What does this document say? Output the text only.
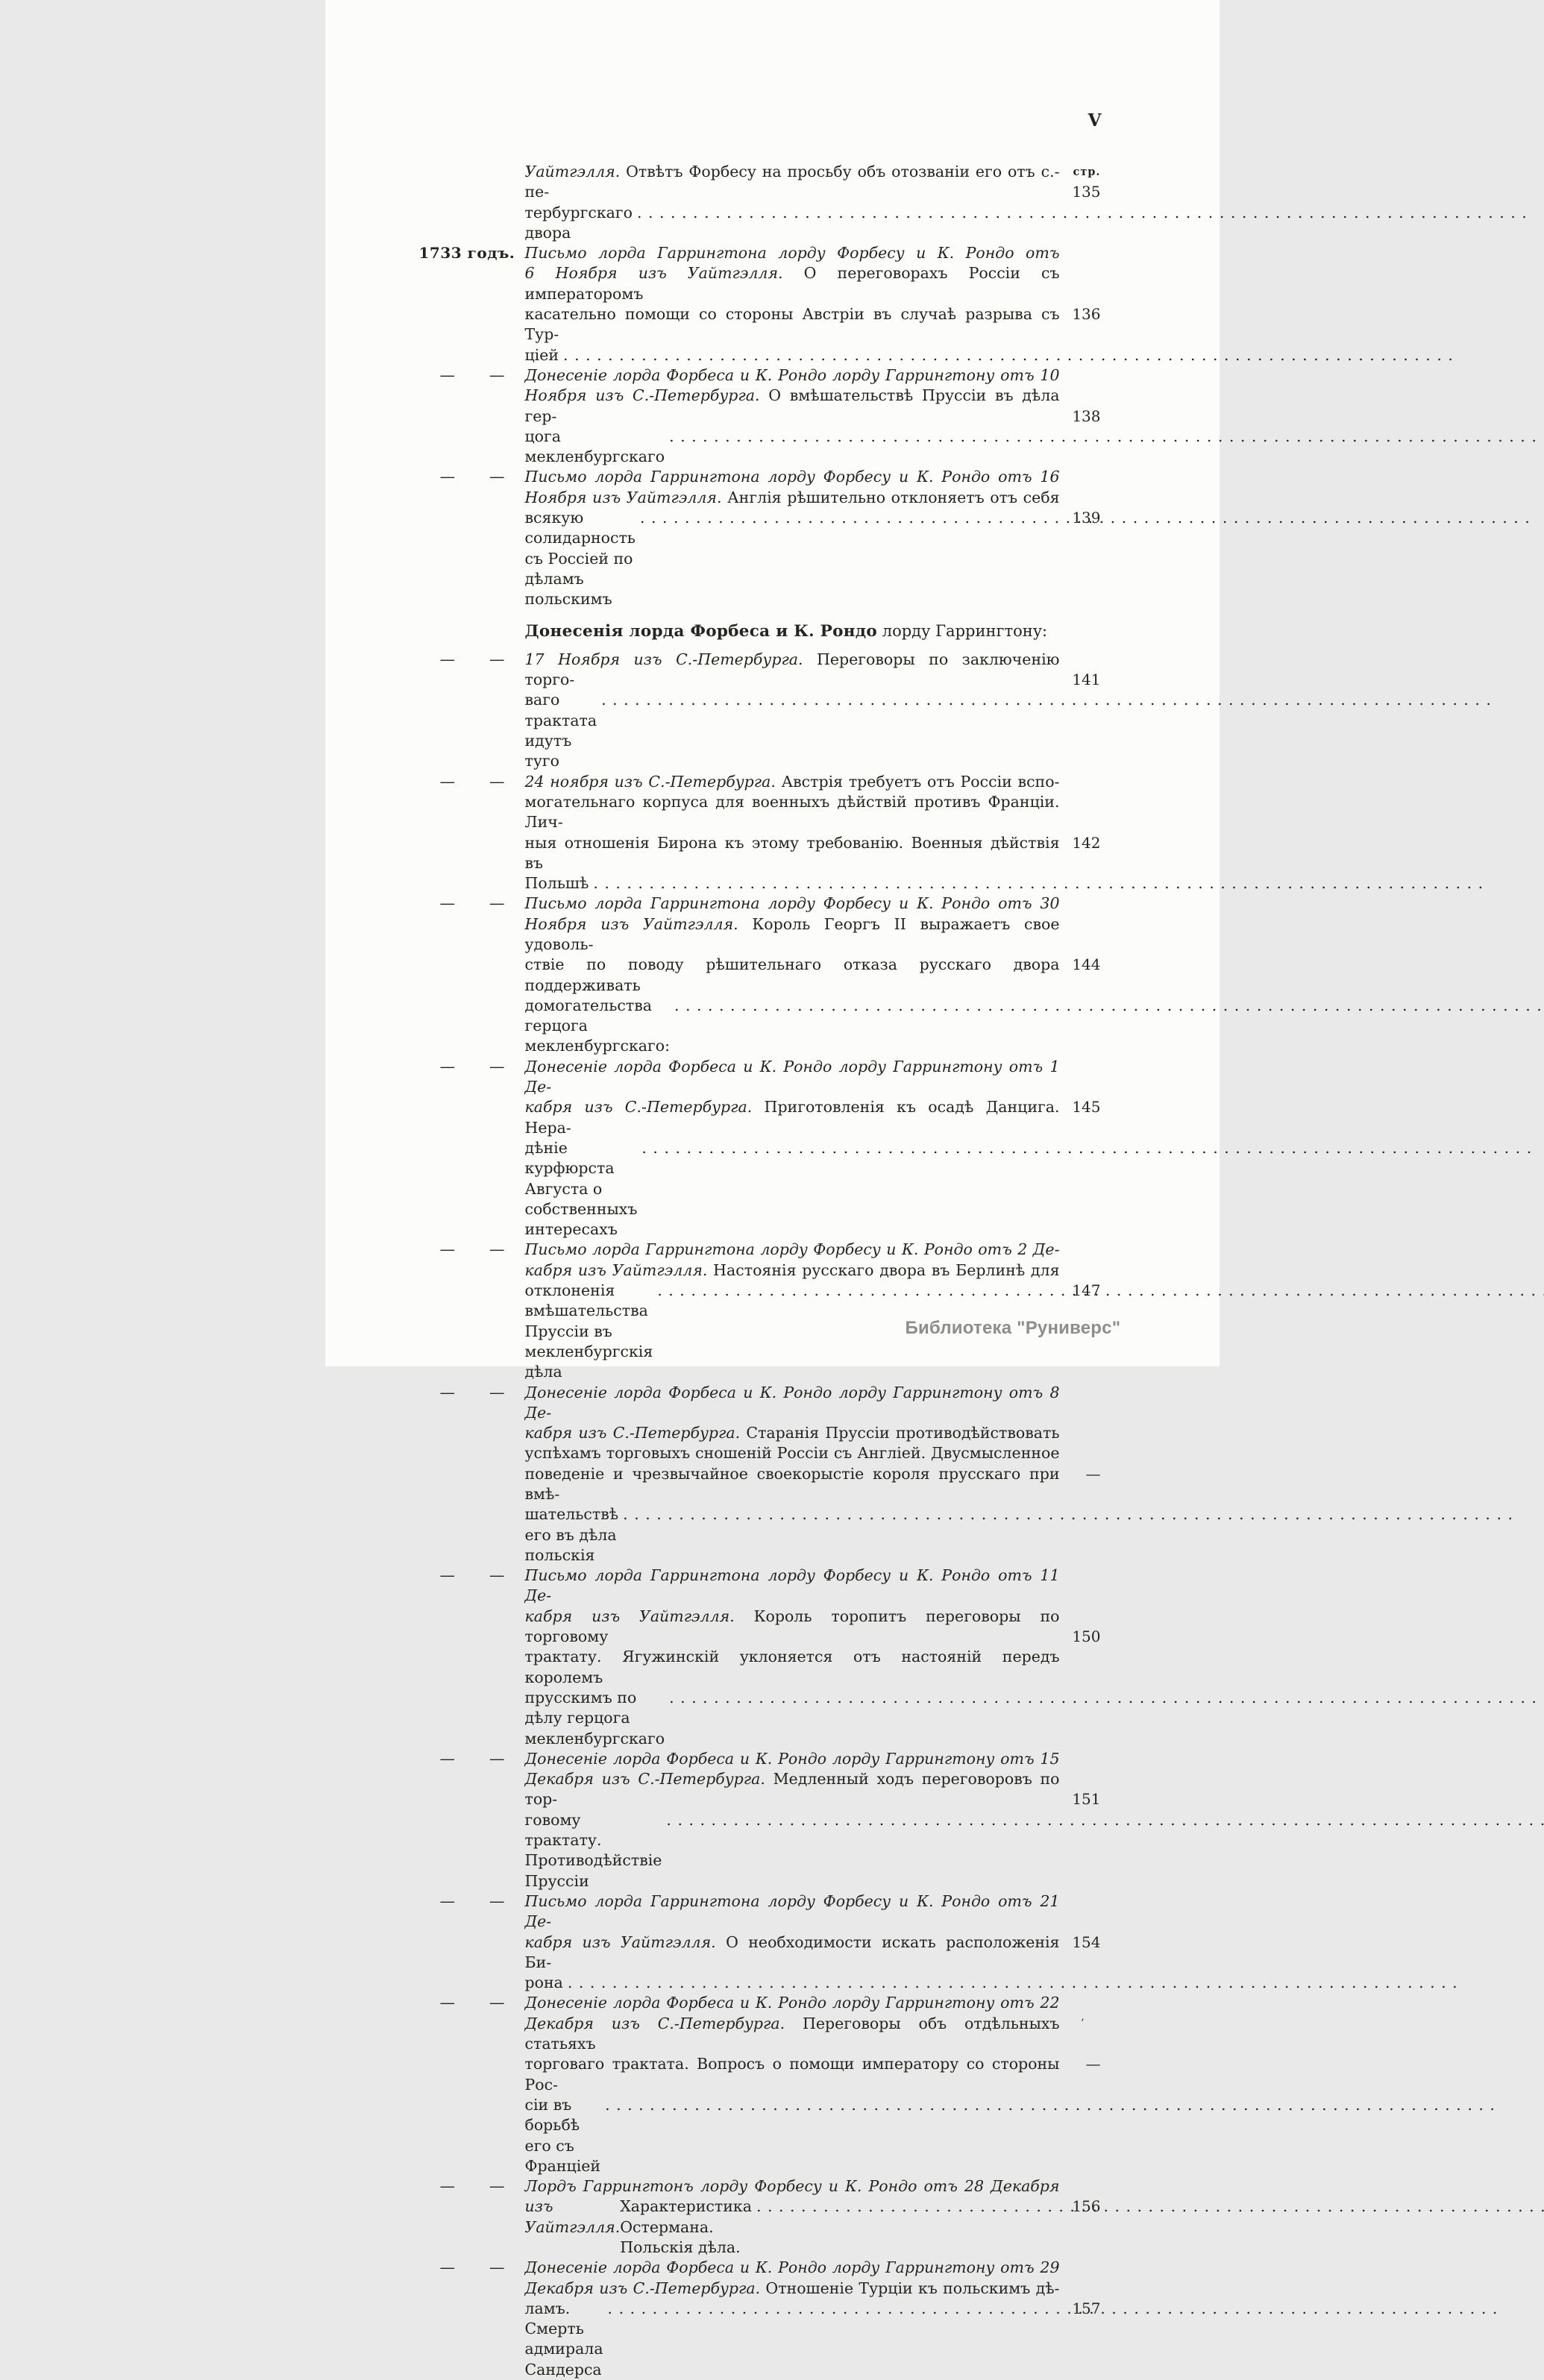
V
Уайтгэлля. Отвѣтъ Форбесу на просьбу объ отозваніи его отъ с.-пе-
тербургскаго двора
.....
стр.
135
1733 годъ. Письмо лорда Гаррингтона лорду Форбесу и К. Рондо отъ
6 Ноября изъ Уайтгэлля. О переговорахъ Россіи съ императоромъ
касательно помощи со стороны Австріи въ случаѣ разрыва съ Тур-
ціей
.....
136
— — Донесеніе лорда Форбеса и К. Рондо лорду Гаррингтону отъ 10
Ноября изъ С.-Петербурга. О вмѣшательствѣ Пруссіи въ дѣла гер-
цога мекленбургскаго
.....
138
— — Письмо лорда Гаррингтона лорду Форбесу и К. Рондо отъ 16
Ноября изъ Уайтгэлля. Англія рѣшительно отклоняетъ отъ себя
всякую солидарность съ Россіей по дѣламъ польскимъ
.....
139
Донесенія лорда Форбеса и К. Рондо лорду Гаррингтону:
— — 17 Ноября изъ С.-Петербурга. Переговоры по заключенію торго-
ваго трактата идутъ туго
.....
141
— — 24 ноября изъ С.-Петербурга. Австрія требуетъ отъ Россіи вспо-
могательнаго корпуса для военныхъ дѣйствій противъ Франціи. Лич-
ныя отношенія Бирона къ этому требованію. Военныя дѣйствія въ
Польшѣ
.....
142
— — Письмо лорда Гаррингтона лорду Форбесу и К. Рондо отъ 30
Ноября изъ Уайтгэлля. Король Георгъ II выражаетъ свое удоволь-
ствіе по поводу рѣшительнаго отказа русскаго двора поддерживать
домогательства герцога мекленбургскаго:
.....
144
— — Донесеніе лорда Форбеса и К. Рондо лорду Гаррингтону отъ 1 Де-
кабря изъ С.-Петербурга. Приготовленія къ осадѣ Данцига. Нера-
дѣніе курфюрста Августа о собственныхъ интересахъ
.....
145
— — Письмо лорда Гаррингтона лорду Форбесу и К. Рондо отъ 2 Де-
кабря изъ Уайтгэлля. Настоянія русскаго двора въ Берлинѣ для
отклоненія вмѣшательства Пруссіи въ мекленбургскія дѣла
.....
147
— — Донесеніе лорда Форбеса и К. Рондо лорду Гаррингтону отъ 8 Де-
кабря изъ С.-Петербурга. Старанія Пруссіи противодѣйствовать
успѣхамъ торговыхъ сношеній Россіи съ Англіей. Двусмысленное
поведеніе и чрезвычайное своекорыстіе короля прусскаго при вмѣ-
шательствѣ его въ дѣла польскія
.....
—
— — Письмо лорда Гаррингтона лорду Форбесу и К. Рондо отъ 11 Де-
кабря изъ Уайтгэлля. Король торопитъ переговоры по торговому
трактату. Ягужинскій уклоняется отъ настояній передъ королемъ
прусскимъ по дѣлу герцога мекленбургскаго
.....
150
— — Донесеніе лорда Форбеса и К. Рондо лорду Гаррингтону отъ 15
Декабря изъ С.-Петербурга. Медленный ходъ переговоровъ по тор-
говому трактату. Противодѣйствіе Пруссіи
.....
151
— — Письмо лорда Гаррингтона лорду Форбесу и К. Рондо отъ 21 Де-
кабря изъ Уайтгэлля. О необходимости искать расположенія Би-
рона
.....
154
— — Донесеніе лорда Форбеса и К. Рондо лорду Гаррингтону отъ 22
Декабря изъ С.-Петербурга. Переговоры объ отдѣльныхъ статьяхъ
торговаго трактата. Вопросъ о помощи императору со стороны Рос-
сіи въ борьбѣ его съ Франціей
.....
’
—
— — Лордъ Гаррингтонъ лорду Форбесу и К. Рондо отъ 28 Декабря
изъ Уайтгэлля.
Характеристика Остермана. Польскія дѣла.
.....
156
— — Донесеніе лорда Форбеса и К. Рондо лорду Гаррингтону отъ 29
Декабря изъ С.-Петербурга. Отношеніе Турціи къ польскимъ дѣ-
ламъ. Смерть адмирала Сандерса
.....
157
Библиотека "Руниверс"
